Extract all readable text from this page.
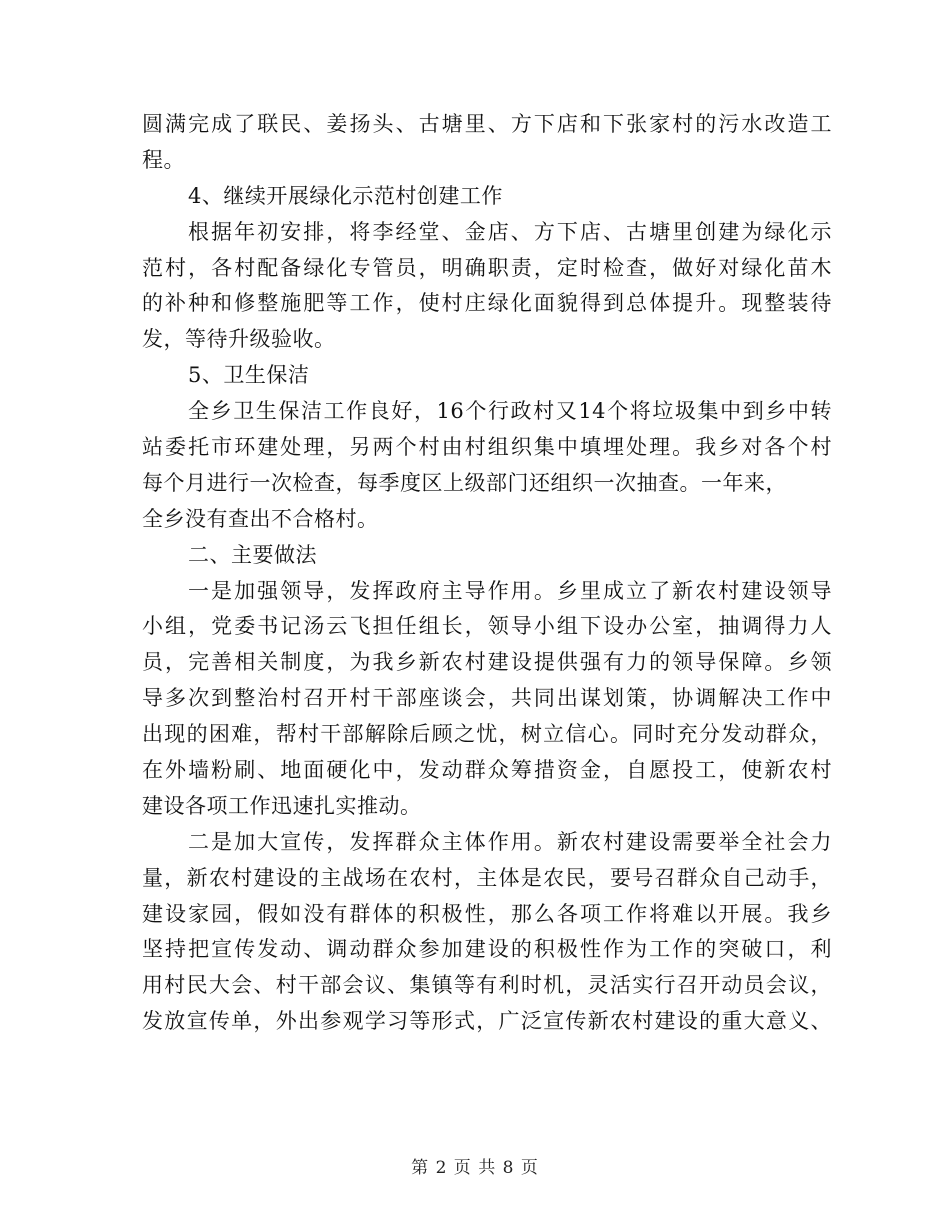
圆满完成了联民、姜扬头、古塘里、方下店和下张家村的污水改造工
程。
4、继续开展绿化示范村创建工作
根据年初安排，将李经堂、金店、方下店、古塘里创建为绿化示
范村，各村配备绿化专管员，明确职责，定时检查，做好对绿化苗木
的补种和修整施肥等工作，使村庄绿化面貌得到总体提升。现整装待
发，等待升级验收。
5、卫生保洁
全乡卫生保洁工作良好，16个行政村又14个将垃圾集中到乡中转
站委托市环建处理，另两个村由村组织集中填埋处理。我乡对各个村
每个月进行一次检查，每季度区上级部门还组织一次抽查。一年来，
全乡没有查出不合格村。
二、主要做法
一是加强领导，发挥政府主导作用。乡里成立了新农村建设领导
小组，党委书记汤云飞担任组长，领导小组下设办公室，抽调得力人
员，完善相关制度，为我乡新农村建设提供强有力的领导保障。乡领
导多次到整治村召开村干部座谈会，共同出谋划策，协调解决工作中
出现的困难，帮村干部解除后顾之忧，树立信心。同时充分发动群众，
在外墙粉刷、地面硬化中，发动群众筹措资金，自愿投工，使新农村
建设各项工作迅速扎实推动。
二是加大宣传，发挥群众主体作用。新农村建设需要举全社会力
量，新农村建设的主战场在农村，主体是农民，要号召群众自己动手，
建设家园，假如没有群体的积极性，那么各项工作将难以开展。我乡
坚持把宣传发动、调动群众参加建设的积极性作为工作的突破口，利
用村民大会、村干部会议、集镇等有利时机，灵活实行召开动员会议，
发放宣传单，外出参观学习等形式，广泛宣传新农村建设的重大意义、
第 2 页 共 8 页
